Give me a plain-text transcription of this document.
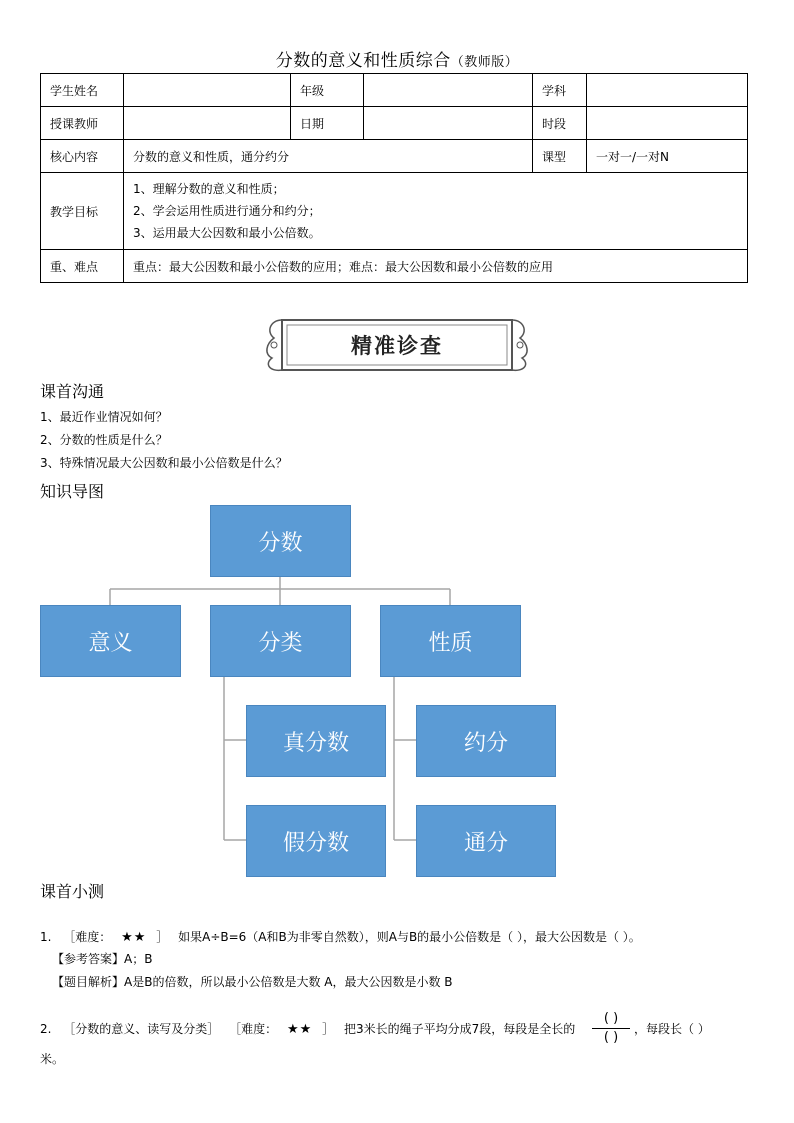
分数的意义和性质综合（教师版）
学生姓名		年级		学科	
授课教师		日期		时段	
核心内容	分数的意义和性质，通分约分			课型	一对一/一对N
教学目标	1、理解分数的意义和性质；
2、学会运用性质进行通分和约分；
3、运用最大公因数和最小公倍数。				

重、难点	重点：最大公因数和最小公倍数的应用；难点：最大公因数和最小公倍数的应用				
精准诊查
课首沟通
1、最近作业情况如何？
2、分数的性质是什么？
3、特殊情况最大公因数和最小公倍数是什么？
知识导图
分数
意义	分类	性质
真分数
假分数
约分
通分
课首小测
1. ［难度： ★★ ］ 如果A÷B=6（A和B为非零自然数），则A与B的最小公倍数是（ ），最大公因数是（ ）。
【参考答案】A；B
【题目解析】A是B的倍数，所以最小公倍数是大数 A，最大公因数是小数 B
2. ［分数的意义、读写及分类］ ［难度： ★★ ］ 把3米长的绳子平均分成7段，每段是全长的
( )
( )
，每段长（ ）
米。
